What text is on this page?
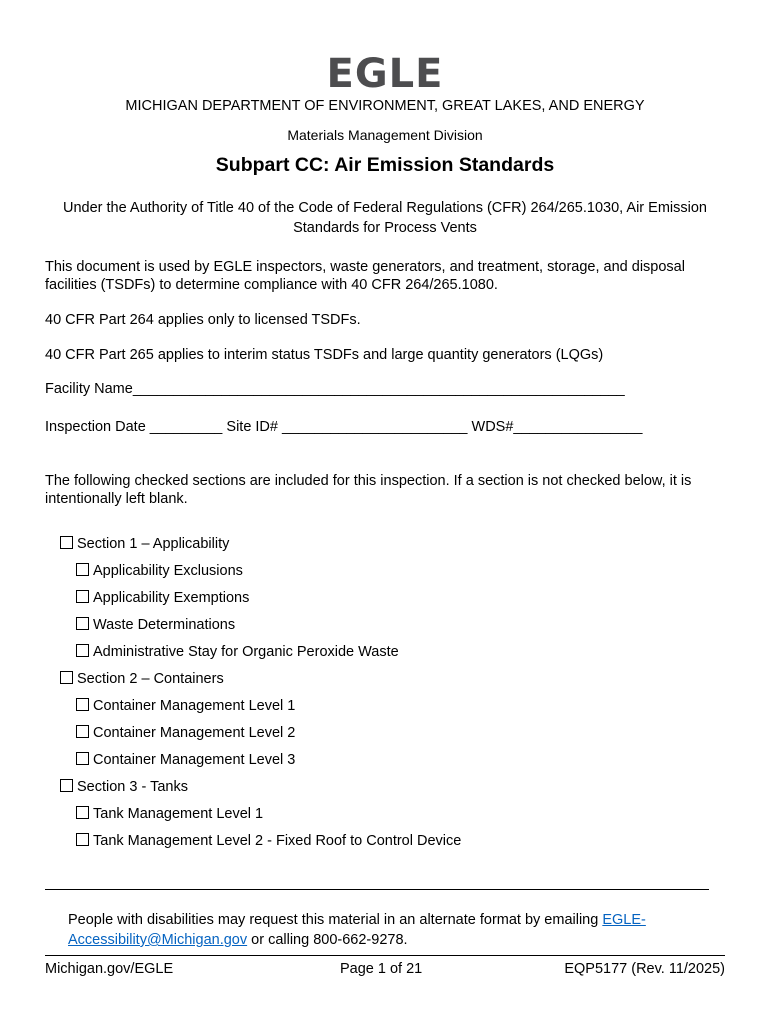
EGLE
MICHIGAN DEPARTMENT OF ENVIRONMENT, GREAT LAKES, AND ENERGY
Materials Management Division
Subpart CC: Air Emission Standards
Under the Authority of Title 40 of the Code of Federal Regulations (CFR) 264/265.1030, Air Emission Standards for Process Vents
This document is used by EGLE inspectors, waste generators, and treatment, storage, and disposal facilities (TSDFs) to determine compliance with 40 CFR 264/265.1080.
40 CFR Part 264 applies only to licensed TSDFs.
40 CFR Part 265 applies to interim status TSDFs and large quantity generators (LQGs)
Facility Name_____________________________________________________________
Inspection Date _________ Site ID# _______________________ WDS#________________
The following checked sections are included for this inspection. If a section is not checked below, it is intentionally left blank.
Section 1 – Applicability
Applicability Exclusions
Applicability Exemptions
Waste Determinations
Administrative Stay for Organic Peroxide Waste
Section 2 – Containers
Container Management Level 1
Container Management Level 2
Container Management Level 3
Section 3 - Tanks
Tank Management Level 1
Tank Management Level 2 - Fixed Roof to Control Device
People with disabilities may request this material in an alternate format by emailing EGLE-Accessibility@Michigan.gov or calling 800-662-9278.
Michigan.gov/EGLE	Page 1 of 21	EQP5177 (Rev. 11/2025)
